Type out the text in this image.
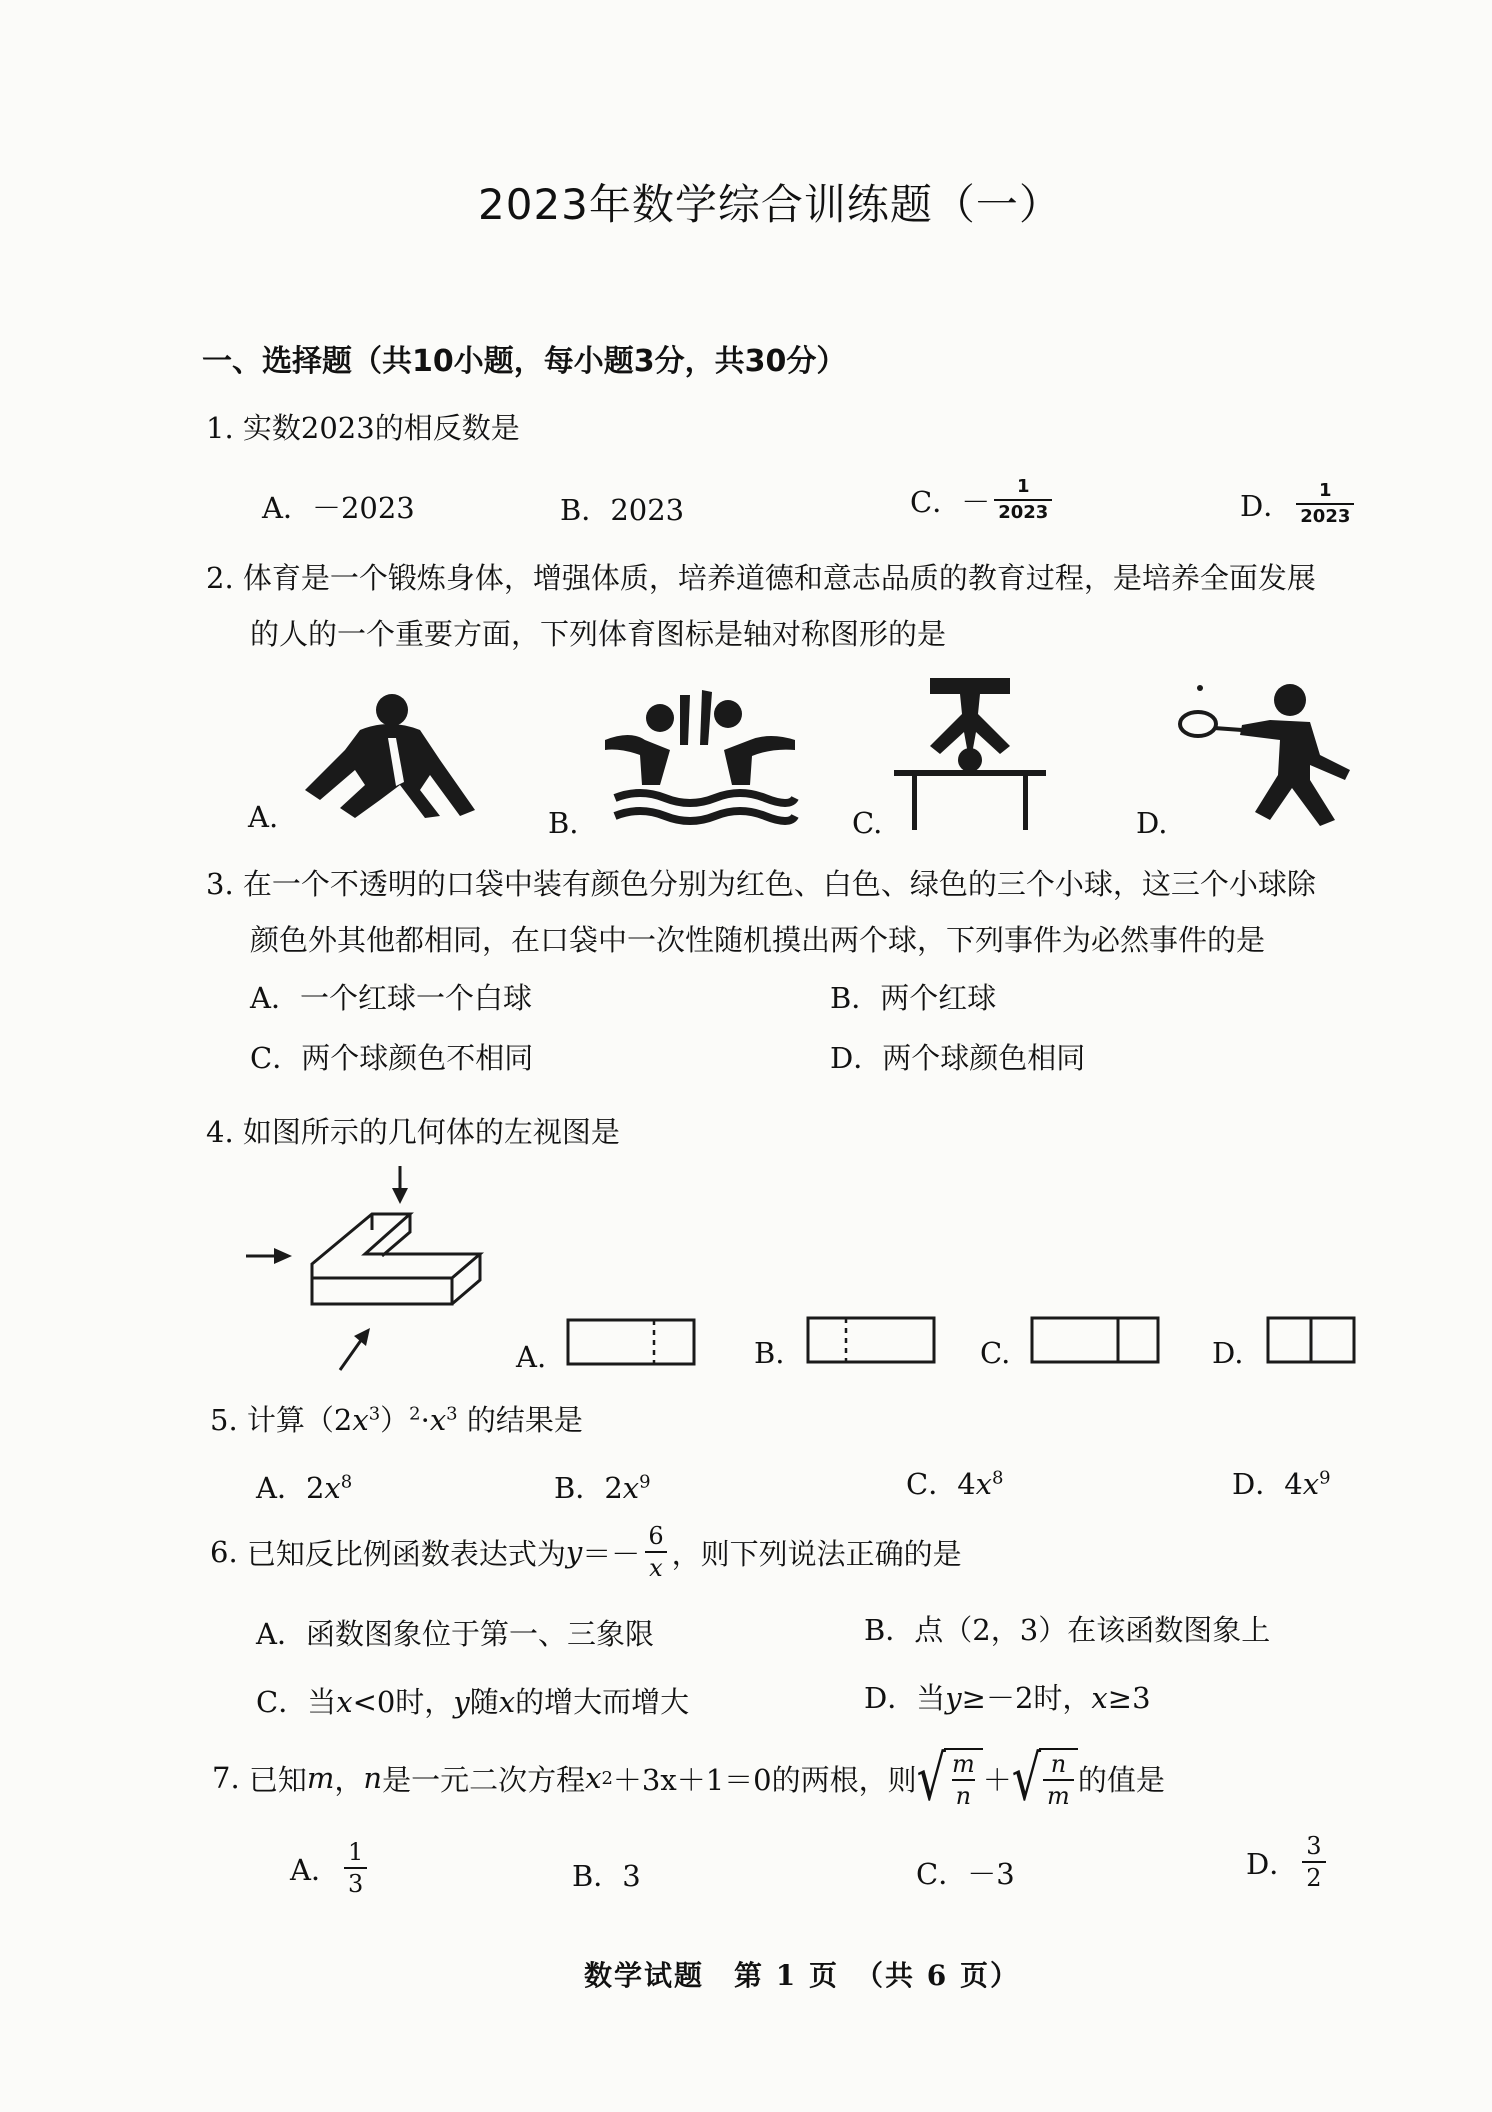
2023年数学综合训练题（一）
一、选择题（共10小题，每小题3分，共30分）
1. 实数2023的相反数是
A．－2023	B．2023	C． － $\frac{1}{2023}$	D． $\frac{1}{2023}$
2. 体育是一个锻炼身体，增强体质，培养道德和意志品质的教育过程，是培养全面发展
的人的一个重要方面，下列体育图标是轴对称图形的是
A.	B.	C.	D.
3. 在一个不透明的口袋中装有颜色分别为红色、白色、绿色的三个小球，这三个小球除
颜色外其他都相同，在口袋中一次性随机摸出两个球，下列事件为必然事件的是
A．一个红球一个白球	B．两个红球
C．两个球颜色不相同	D．两个球颜色相同
4. 如图所示的几何体的左视图是
A.	B.	C.	D.
5. 计算$(2x^3)^2\cdot x^3$ 的结果是
A．$2x^8$	B．$2x^9$	C．$4x^8$	D．$4x^9$
6.
已知反比例函数表达式为 $y =- \frac{6}{x}$ ，则下列说法正确的是
A．函数图象位于第一、三象限	B．点（2，3）在该函数图象上
C．当x<0时，y随x的增大而增大	D．当y≥－2时，x≥3
7.
已知 m ， n 是一元二次方程 x 2 ＋3x＋1＝0的两根，则 √ $\frac{m}{n}$ ＋ √ $\frac{n}{m}$ 的值是
A． $\frac{1}{3}$	B．3	C．－3	D． $\frac{3}{2}$
数学试题　第 1 页　（共 6 页）
